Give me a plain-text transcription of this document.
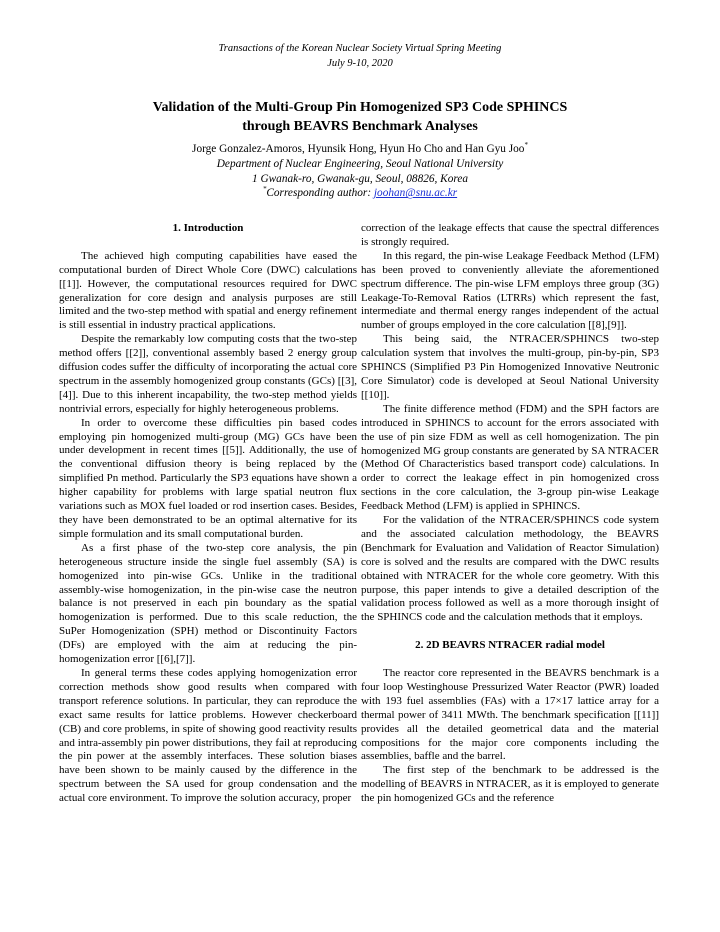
Transactions of the Korean Nuclear Society Virtual Spring Meeting
July 9-10, 2020
Validation of the Multi-Group Pin Homogenized SP3 Code SPHINCS
through BEAVRS Benchmark Analyses
Jorge Gonzalez-Amoros, Hyunsik Hong, Hyun Ho Cho and Han Gyu Joo*
Department of Nuclear Engineering, Seoul National University
1 Gwanak-ro, Gwanak-gu, Seoul, 08826, Korea
*Corresponding author: joohan@snu.ac.kr
1. Introduction

The achieved high computing capabilities have eased the computational burden of Direct Whole Core (DWC) calculations [[1]]. However, the computational resources required for DWC generalization for core design and analysis purposes are still limited and the two-step method with spatial and energy refinement is still essential in industry practical applications.

Despite the remarkably low computing costs that the two-step method offers [[2]], conventional assembly based 2 energy group diffusion codes suffer the difficulty of incorporating the actual core spectrum in the assembly homogenized group constants (GCs) [[3],[4]]. Due to this inherent incapability, the two-step method yields nontrivial errors, especially for highly heterogeneous problems.

In order to overcome these difficulties pin based codes employing pin homogenized multi-group (MG) GCs have been under development in recent times [[5]]. Additionally, the use of the conventional diffusion theory is being replaced by the simplified Pn method. Particularly the SP3 equations have shown a higher capability for problems with large spatial neutron flux variations such as MOX fuel loaded or rod insertion cases. Besides, they have been demonstrated to be an optimal alternative for its simple formulation and its small computational burden.

As a first phase of the two-step core analysis, the pin heterogeneous structure inside the single fuel assembly (SA) is homogenized into pin-wise GCs. Unlike in the traditional assembly-wise homogenization, in the pin-wise case the neutron balance is not preserved in each pin boundary as the spatial homogenization is performed. Due to this scale reduction, the SuPer Homogenization (SPH) method or Discontinuity Factors (DFs) are employed with the aim at reducing the pin-homogenization error [[6],[7]].

In general terms these codes applying homogenization error correction methods show good results when compared with transport reference solutions. In particular, they can reproduce the exact same results for lattice problems. However checkerboard (CB) and core problems, in spite of showing good reactivity results and intra-assembly pin power distributions, they fail at reproducing the pin power at the assembly interfaces. These solution biases have been shown to be mainly caused by the difference in the spectrum between the SA used for group condensation and the actual core environment. To improve the solution accuracy, proper

correction of the leakage effects that cause the spectral differences is strongly required.

In this regard, the pin-wise Leakage Feedback Method (LFM) has been proved to conveniently alleviate the aforementioned spectrum difference. The pin-wise LFM employs three group (3G) Leakage-To-Removal Ratios (LTRRs) which represent the fast, intermediate and thermal energy ranges independent of the actual number of groups employed in the core calculation [[8],[9]].

This being said, the NTRACER/SPHINCS two-step calculation system that involves the multi-group, pin-by-pin, SP3 SPHINCS (Simplified P3 Pin Homogenized Innovative Neutronic Core Simulator) code is developed at Seoul National University [[10]].

The finite difference method (FDM) and the SPH factors are introduced in SPHINCS to account for the errors associated with the use of pin size FDM as well as cell homogenization. The pin homogenized MG group constants are generated by SA NTRACER (Method Of Characteristics based transport code) calculations. In order to correct the leakage effect in pin homogenized cross sections in the core calculation, the 3-group pin-wise Leakage Feedback Method (LFM) is applied in SPHINCS.

For the validation of the NTRACER/SPHINCS code system and the associated calculation methodology, the BEAVRS (Benchmark for Evaluation and Validation of Reactor Simulation) core is solved and the results are compared with the DWC results obtained with NTRACER for the whole core geometry. With this purpose, this paper intends to give a detailed description of the validation process followed as well as a more thorough insight of the SPHINCS code and the calculation methods that it employs.

2. 2D BEAVRS NTRACER radial model

The reactor core represented in the BEAVRS benchmark is a four loop Westinghouse Pressurized Water Reactor (PWR) loaded with 193 fuel assemblies (FAs) with a 17×17 lattice array for a thermal power of 3411 MWth. The benchmark specification [[11]] provides all the detailed geometrical data and the material compositions for the major core components including the assemblies, baffle and the barrel.

The first step of the benchmark to be addressed is the modelling of BEAVRS in NTRACER, as it is employed to generate the pin homogenized GCs and the reference
